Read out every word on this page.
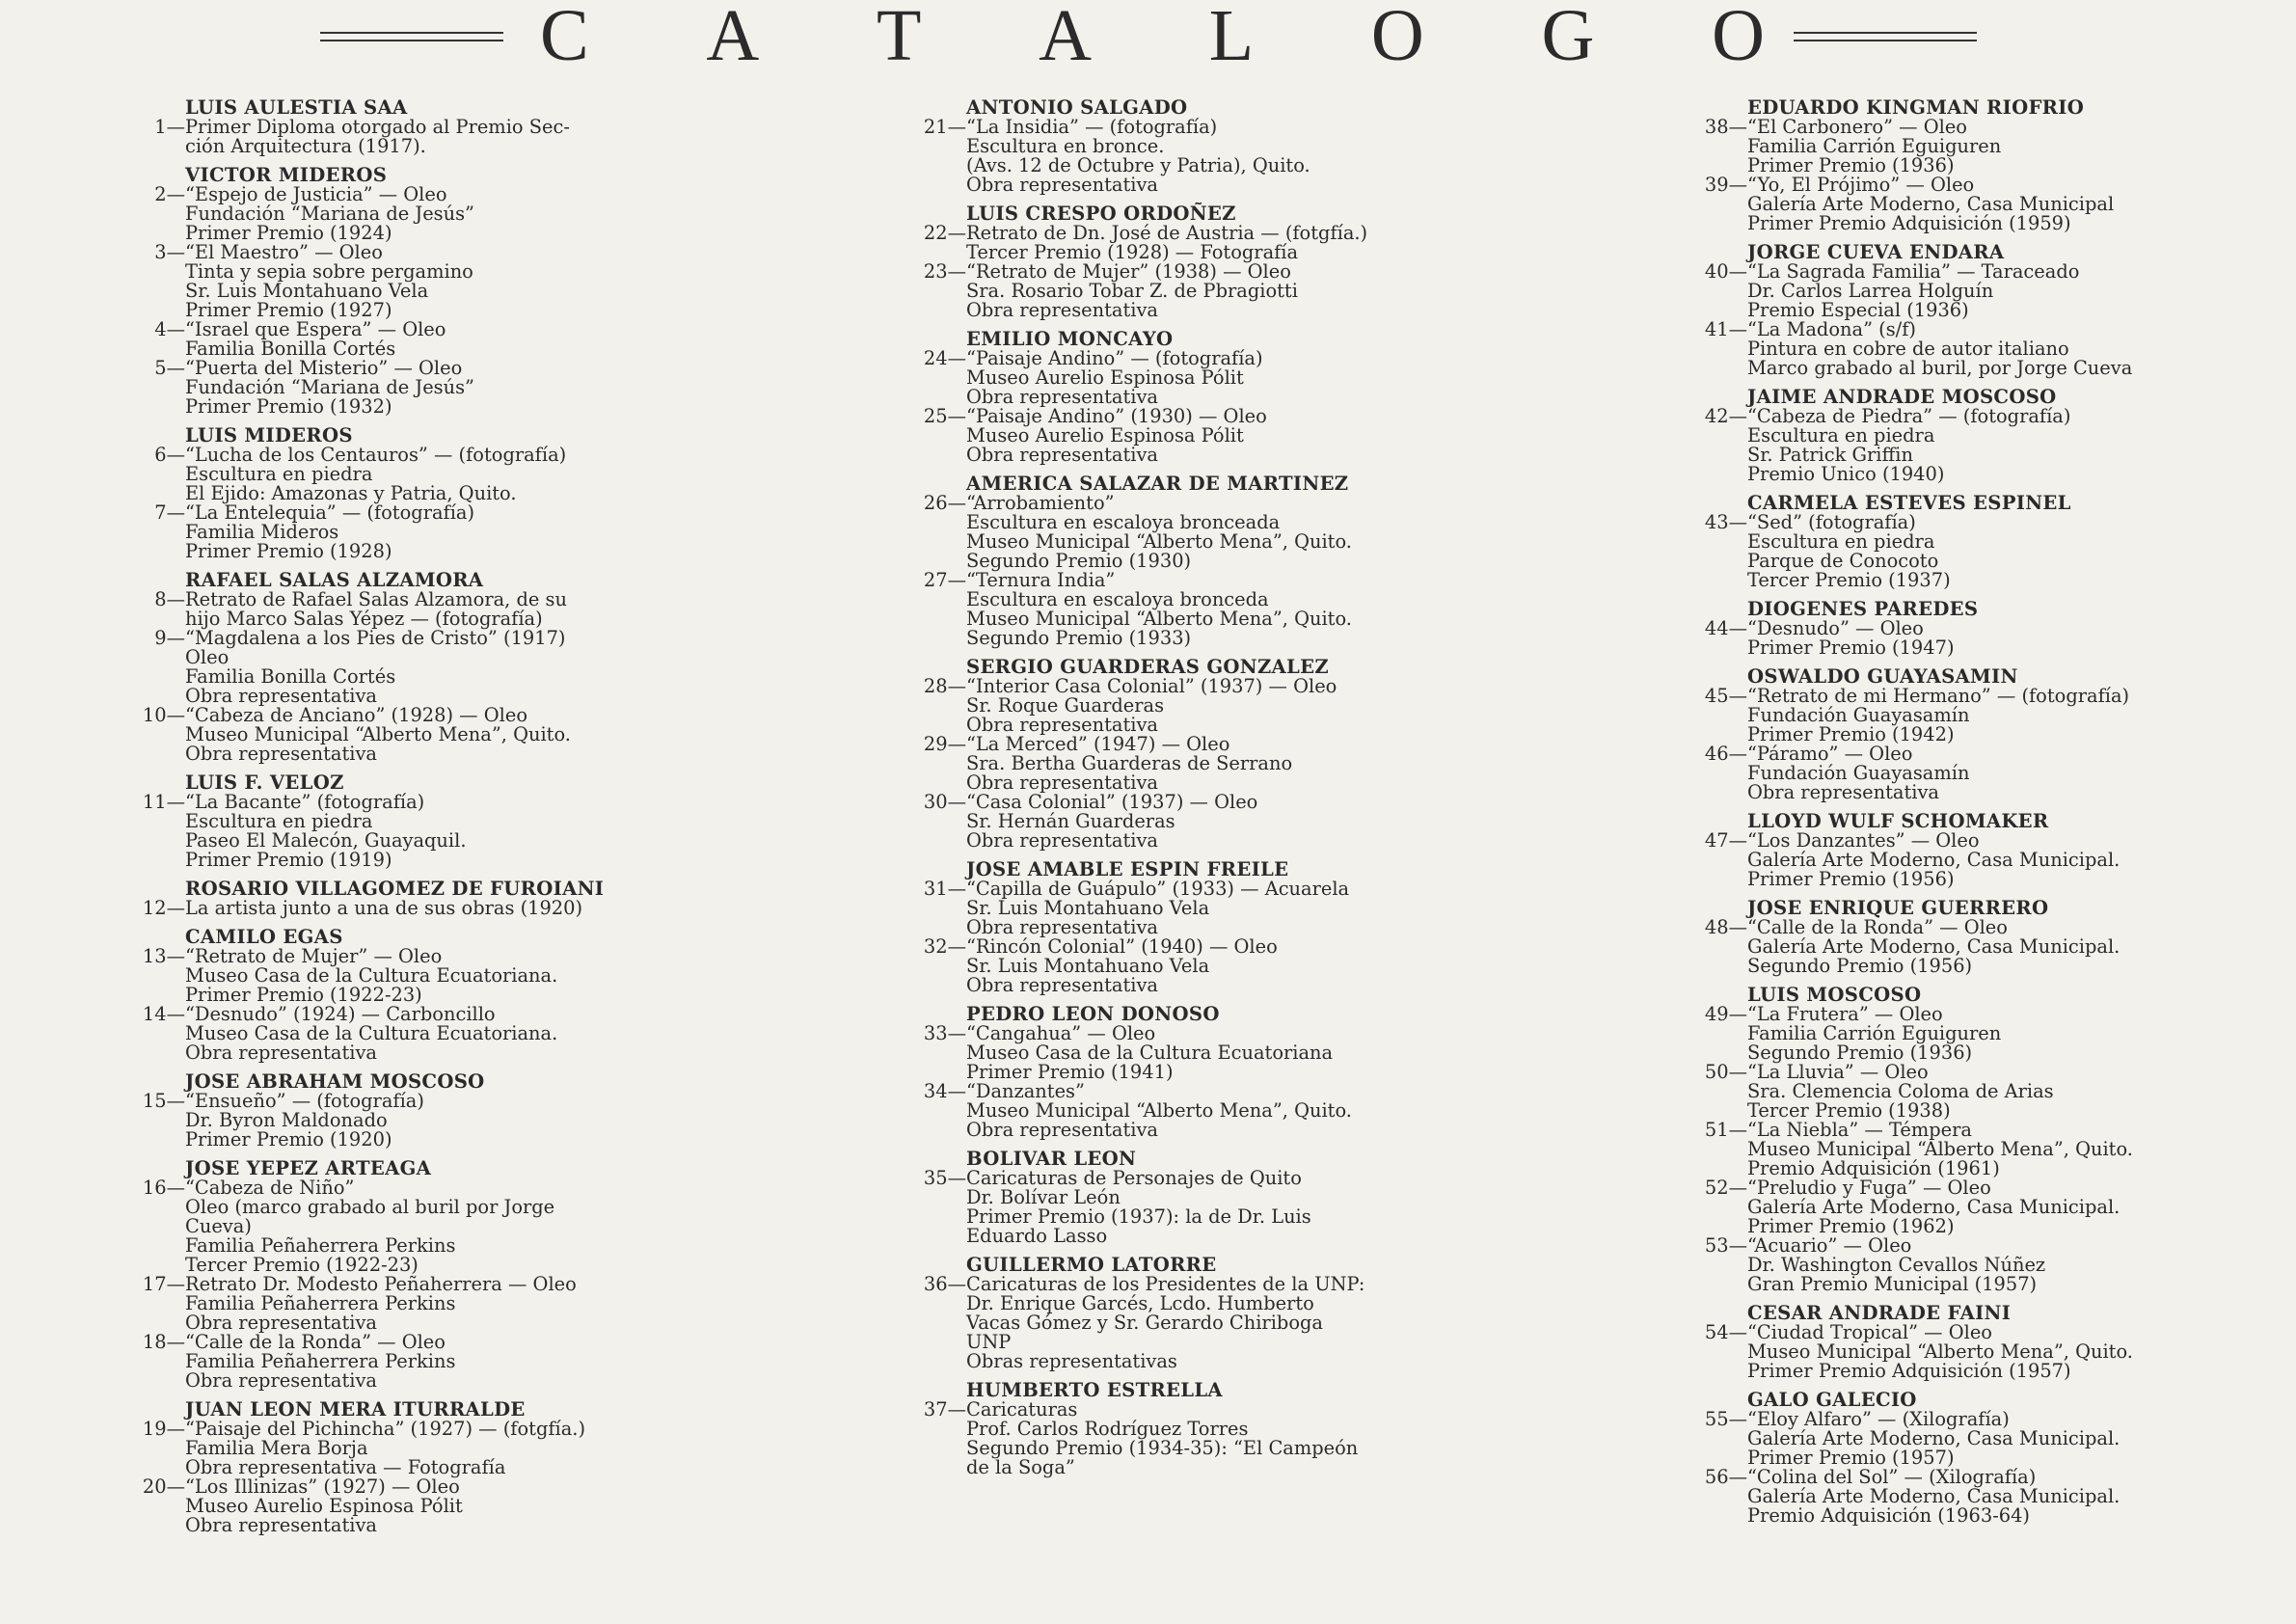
C A T A L O G O
LUIS AULESTIA SAA
1— Primer Diploma otorgado al Premio Sec-
ción Arquitectura (1917).
VICTOR MIDEROS
2— “Espejo de Justicia” — Oleo
Fundación “Mariana de Jesús”
Primer Premio (1924)
3— “El Maestro” — Oleo
Tinta y sepia sobre pergamino
Sr. Luis Montahuano Vela
Primer Premio (1927)
4— “Israel que Espera” — Oleo
Familia Bonilla Cortés
5— “Puerta del Misterio” — Oleo
Fundación “Mariana de Jesús”
Primer Premio (1932)
LUIS MIDEROS
6— “Lucha de los Centauros” — (fotografía)
Escultura en piedra
El Ejido: Amazonas y Patria, Quito.
7— “La Entelequia” — (fotografía)
Familia Mideros
Primer Premio (1928)
RAFAEL SALAS ALZAMORA
8— Retrato de Rafael Salas Alzamora, de su
hijo Marco Salas Yépez — (fotografía)
9— “Magdalena a los Pies de Cristo” (1917)
Oleo
Familia Bonilla Cortés
Obra representativa
10— “Cabeza de Anciano” (1928) — Oleo
Museo Municipal “Alberto Mena”, Quito.
Obra representativa
LUIS F. VELOZ
11— “La Bacante” (fotografía)
Escultura en piedra
Paseo El Malecón, Guayaquil.
Primer Premio (1919)
ROSARIO VILLAGOMEZ DE FUROIANI
12— La artista junto a una de sus obras (1920)
CAMILO EGAS
13— “Retrato de Mujer” — Oleo
Museo Casa de la Cultura Ecuatoriana.
Primer Premio (1922-23)
14— “Desnudo” (1924) — Carboncillo
Museo Casa de la Cultura Ecuatoriana.
Obra representativa
JOSE ABRAHAM MOSCOSO
15— “Ensueño” — (fotografía)
Dr. Byron Maldonado
Primer Premio (1920)
JOSE YEPEZ ARTEAGA
16— “Cabeza de Niño”
Oleo (marco grabado al buril por Jorge
Cueva)
Familia Peñaherrera Perkins
Tercer Premio (1922-23)
17— Retrato Dr. Modesto Peñaherrera — Oleo
Familia Peñaherrera Perkins
Obra representativa
18— “Calle de la Ronda” — Oleo
Familia Peñaherrera Perkins
Obra representativa
JUAN LEON MERA ITURRALDE
19— “Paisaje del Pichincha” (1927) — (fotgfía.)
Familia Mera Borja
Obra representativa — Fotografía
20— “Los Illinizas” (1927) — Oleo
Museo Aurelio Espinosa Pólit
Obra representativa
ANTONIO SALGADO
21— “La Insidia” — (fotografía)
Escultura en bronce.
(Avs. 12 de Octubre y Patria), Quito.
Obra representativa
LUIS CRESPO ORDOÑEZ
22— Retrato de Dn. José de Austria — (fotgfía.)
Tercer Premio (1928) — Fotografía
23— “Retrato de Mujer” (1938) — Oleo
Sra. Rosario Tobar Z. de Pbragiotti
Obra representativa
EMILIO MONCAYO
24— “Paisaje Andino” — (fotografía)
Museo Aurelio Espinosa Pólit
Obra representativa
25— “Paisaje Andino” (1930) — Oleo
Museo Aurelio Espinosa Pólit
Obra representativa
AMERICA SALAZAR DE MARTINEZ
26— “Arrobamiento”
Escultura en escaloya bronceada
Museo Municipal “Alberto Mena”, Quito.
Segundo Premio (1930)
27— “Ternura India”
Escultura en escaloya bronceda
Museo Municipal “Alberto Mena”, Quito.
Segundo Premio (1933)
SERGIO GUARDERAS GONZALEZ
28— “Interior Casa Colonial” (1937) — Oleo
Sr. Roque Guarderas
Obra representativa
29— “La Merced” (1947) — Oleo
Sra. Bertha Guarderas de Serrano
Obra representativa
30— “Casa Colonial” (1937) — Oleo
Sr. Hernán Guarderas
Obra representativa
JOSE AMABLE ESPIN FREILE
31— “Capilla de Guápulo” (1933) — Acuarela
Sr. Luis Montahuano Vela
Obra representativa
32— “Rincón Colonial” (1940) — Oleo
Sr. Luis Montahuano Vela
Obra representativa
PEDRO LEON DONOSO
33— “Cangahua” — Oleo
Museo Casa de la Cultura Ecuatoriana
Primer Premio (1941)
34— “Danzantes”
Museo Municipal “Alberto Mena”, Quito.
Obra representativa
BOLIVAR LEON
35— Caricaturas de Personajes de Quito
Dr. Bolívar León
Primer Premio (1937): la de Dr. Luis
Eduardo Lasso
GUILLERMO LATORRE
36— Caricaturas de los Presidentes de la UNP:
Dr. Enrique Garcés, Lcdo. Humberto
Vacas Gómez y Sr. Gerardo Chiriboga
UNP
Obras representativas
HUMBERTO ESTRELLA
37— Caricaturas
Prof. Carlos Rodríguez Torres
Segundo Premio (1934-35): “El Campeón
de la Soga”
EDUARDO KINGMAN RIOFRIO
38— “El Carbonero” — Oleo
Familia Carrión Eguiguren
Primer Premio (1936)
39— “Yo, El Prójimo” — Oleo
Galería Arte Moderno, Casa Municipal
Primer Premio Adquisición (1959)
JORGE CUEVA ENDARA
40— “La Sagrada Familia” — Taraceado
Dr. Carlos Larrea Holguín
Premio Especial (1936)
41— “La Madona” (s/f)
Pintura en cobre de autor italiano
Marco grabado al buril, por Jorge Cueva
JAIME ANDRADE MOSCOSO
42— “Cabeza de Piedra” — (fotografía)
Escultura en piedra
Sr. Patrick Griffin
Premio Unico (1940)
CARMELA ESTEVES ESPINEL
43— “Sed” (fotografía)
Escultura en piedra
Parque de Conocoto
Tercer Premio (1937)
DIOGENES PAREDES
44— “Desnudo” — Oleo
Primer Premio (1947)
OSWALDO GUAYASAMIN
45— “Retrato de mi Hermano” — (fotografía)
Fundación Guayasamín
Primer Premio (1942)
46— “Páramo” — Oleo
Fundación Guayasamín
Obra representativa
LLOYD WULF SCHOMAKER
47— “Los Danzantes” — Oleo
Galería Arte Moderno, Casa Municipal.
Primer Premio (1956)
JOSE ENRIQUE GUERRERO
48— “Calle de la Ronda” — Oleo
Galería Arte Moderno, Casa Municipal.
Segundo Premio (1956)
LUIS MOSCOSO
49— “La Frutera” — Oleo
Familia Carrión Eguiguren
Segundo Premio (1936)
50— “La Lluvia” — Oleo
Sra. Clemencia Coloma de Arias
Tercer Premio (1938)
51— “La Niebla” — Témpera
Museo Municipal “Alberto Mena”, Quito.
Premio Adquisición (1961)
52— “Preludio y Fuga” — Oleo
Galería Arte Moderno, Casa Municipal.
Primer Premio (1962)
53— “Acuario” — Oleo
Dr. Washington Cevallos Núñez
Gran Premio Municipal (1957)
CESAR ANDRADE FAINI
54— “Ciudad Tropical” — Oleo
Museo Municipal “Alberto Mena”, Quito.
Primer Premio Adquisición (1957)
GALO GALECIO
55— “Eloy Alfaro” — (Xilografía)
Galería Arte Moderno, Casa Municipal.
Primer Premio (1957)
56— “Colina del Sol” — (Xilografía)
Galería Arte Moderno, Casa Municipal.
Premio Adquisición (1963-64)
